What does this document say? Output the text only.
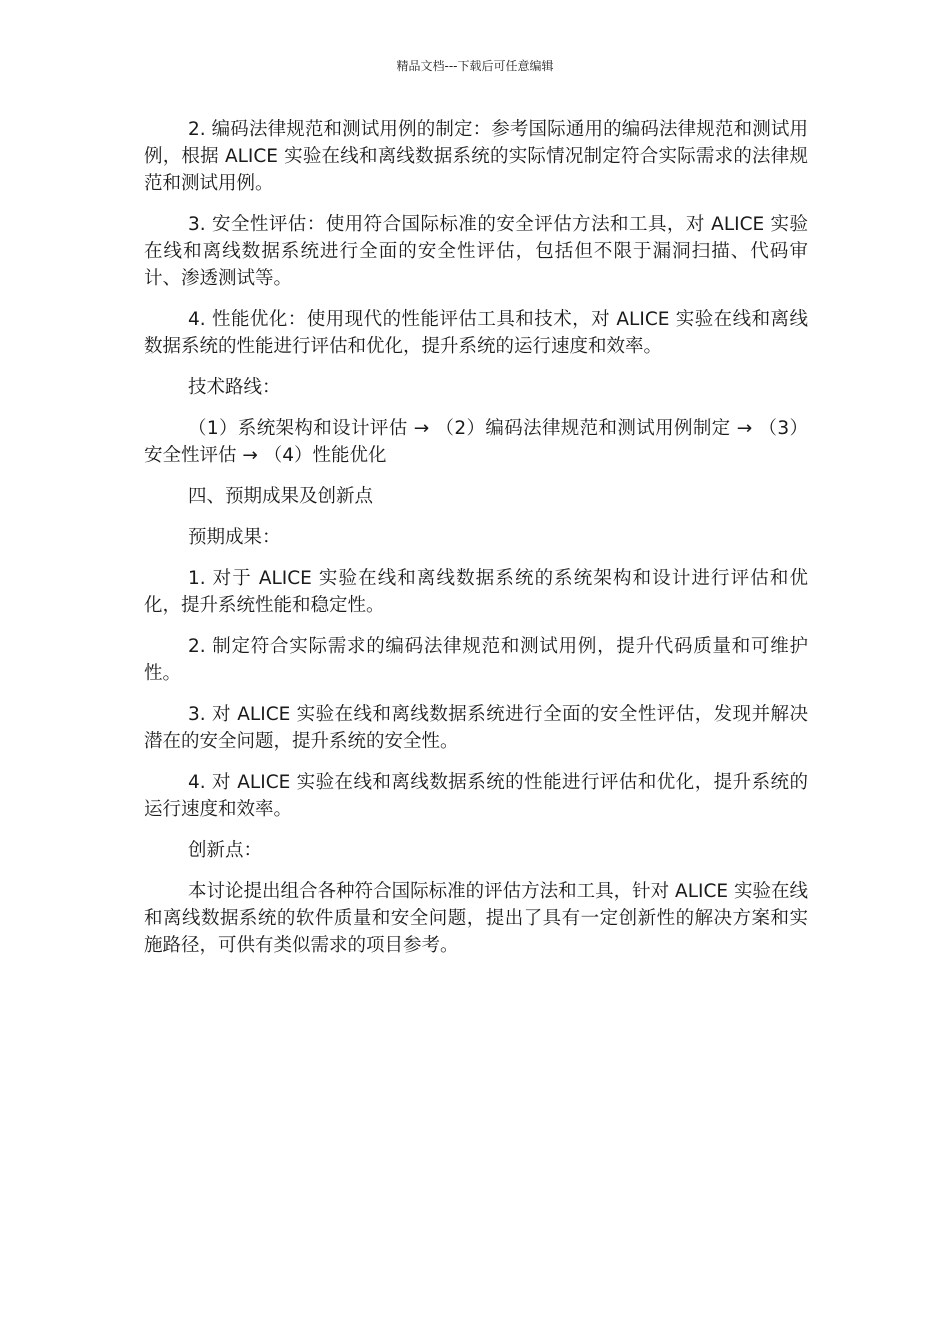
精品文档---下载后可任意编辑

2. 编码法律规范和测试用例的制定：参考国际通用的编码法律规范和测试用例，根据 ALICE 实验在线和离线数据系统的实际情况制定符合实际需求的法律规范和测试用例。

3. 安全性评估：使用符合国际标准的安全评估方法和工具，对 ALICE 实验在线和离线数据系统进行全面的安全性评估，包括但不限于漏洞扫描、代码审计、渗透测试等。

4. 性能优化：使用现代的性能评估工具和技术，对 ALICE 实验在线和离线数据系统的性能进行评估和优化，提升系统的运行速度和效率。

技术路线：

（1）系统架构和设计评估 → （2）编码法律规范和测试用例制定 → （3）安全性评估 → （4）性能优化

四、预期成果及创新点

预期成果：

1. 对于 ALICE 实验在线和离线数据系统的系统架构和设计进行评估和优化，提升系统性能和稳定性。

2. 制定符合实际需求的编码法律规范和测试用例，提升代码质量和可维护性。

3. 对 ALICE 实验在线和离线数据系统进行全面的安全性评估，发现并解决潜在的安全问题，提升系统的安全性。

4. 对 ALICE 实验在线和离线数据系统的性能进行评估和优化，提升系统的运行速度和效率。

创新点：

本讨论提出组合各种符合国际标准的评估方法和工具，针对 ALICE 实验在线和离线数据系统的软件质量和安全问题，提出了具有一定创新性的解决方案和实施路径，可供有类似需求的项目参考。
